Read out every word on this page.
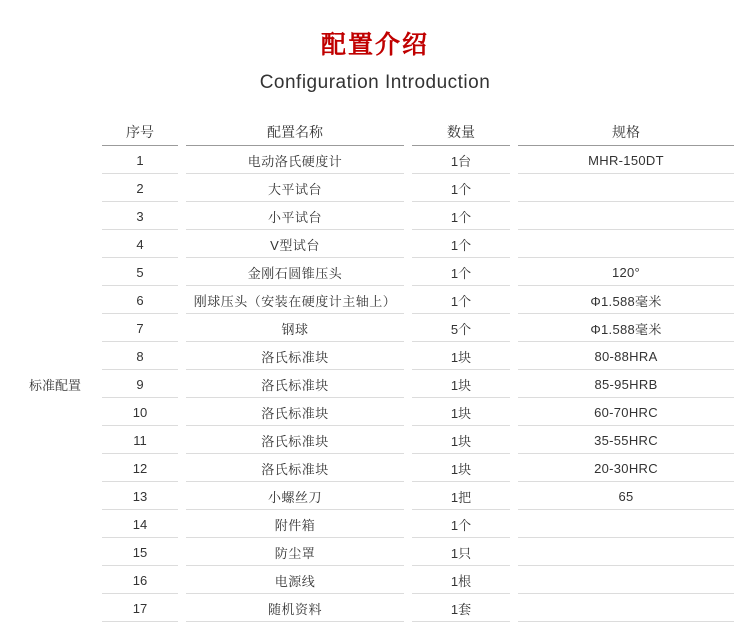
配置介绍
Configuration Introduction
	序号	配置名称	数量	规格
标准配置	1	电动洛氏硬度计	1台	MHR-150DT
	2	大平试台	1个	
	3	小平试台	1个	
	4	V型试台	1个	
	5	金刚石圆锥压头	1个	120°
	6	刚球压头（安装在硬度计主轴上）	1个	Φ1.588毫米
	7	钢球	5个	Φ1.588毫米
	8	洛氏标准块	1块	80-88HRA
	9	洛氏标准块	1块	85-95HRB
	10	洛氏标准块	1块	60-70HRC
	11	洛氏标准块	1块	35-55HRC
	12	洛氏标准块	1块	20-30HRC
	13	小螺丝刀	1把	65
	14	附件箱	1个	
	15	防尘罩	1只	
	16	电源线	1根	
	17	随机资料	1套	
